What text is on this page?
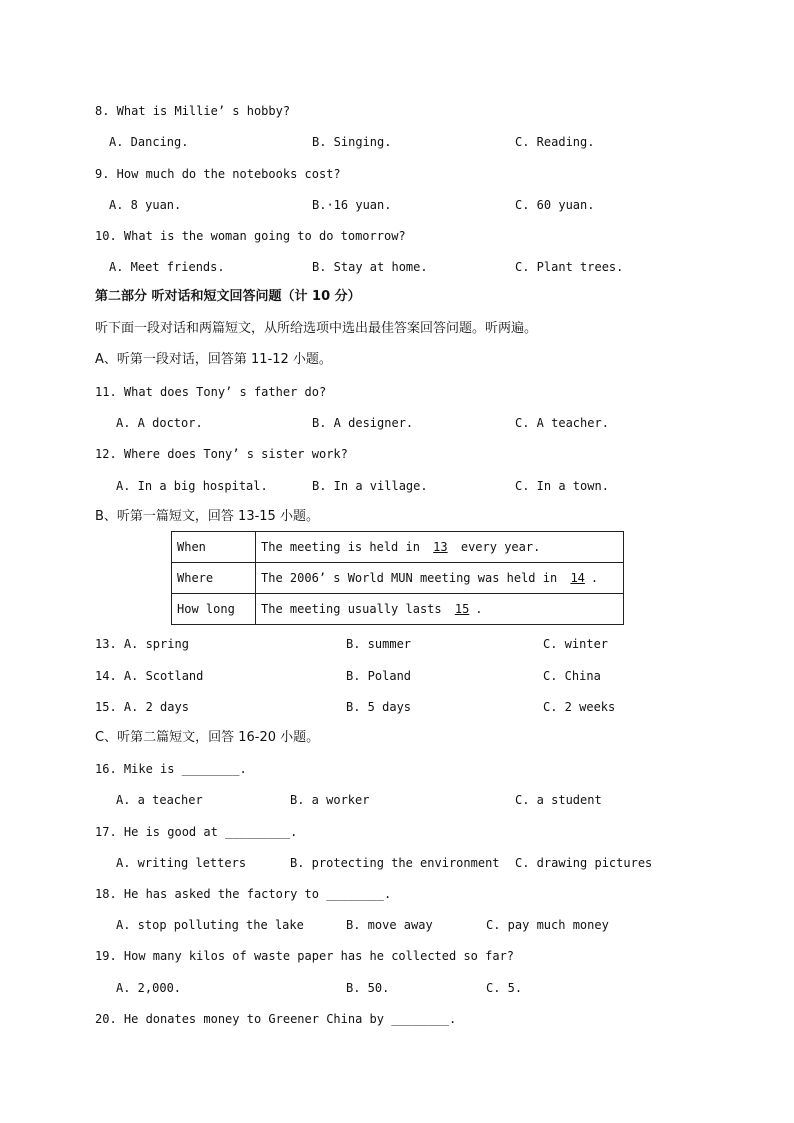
8. What is Millie’ s hobby?
A. Dancing.	B. Singing.	C. Reading.
9. How much do the notebooks cost?
A. 8 yuan.	B.·16 yuan.	C. 60 yuan.
10. What is the woman going to do tomorrow?
A. Meet friends.	B. Stay at home.	C. Plant trees.
第二部分 听对话和短文回答问题（计 10 分）
听下面一段对话和两篇短文，从所给选项中选出最佳答案回答问题。听两遍。
A、听第一段对话，回答第 11-12 小题。
11. What does Tony’ s father do?
A. A doctor.	B. A designer.	C. A teacher.
12. Where does Tony’ s sister work?
A. In a big hospital.	B. In a village.	C. In a town.
B、听第一篇短文，回答 13-15 小题。
When	The meeting is held in 13 every year.
Where	The 2006’ s World MUN meeting was held in 14 .
How long	The meeting usually lasts 15 .
13. A. spring	B. summer	C. winter
14. A. Scotland	B. Poland	C. China
15. A. 2 days	B. 5 days	C. 2 weeks
C、听第二篇短文，回答 16-20 小题。
16. Mike is ________.
A. a teacher	B. a worker	C. a student
17. He is good at _________.
A. writing letters	B. protecting the environment C. drawing pictures
18. He has asked the factory to ________.
A. stop polluting the lake	B. move away	C. pay much money
19. How many kilos of waste paper has he collected so far?
A. 2,000.	B. 50.	C. 5.
20. He donates money to Greener China by ________.
